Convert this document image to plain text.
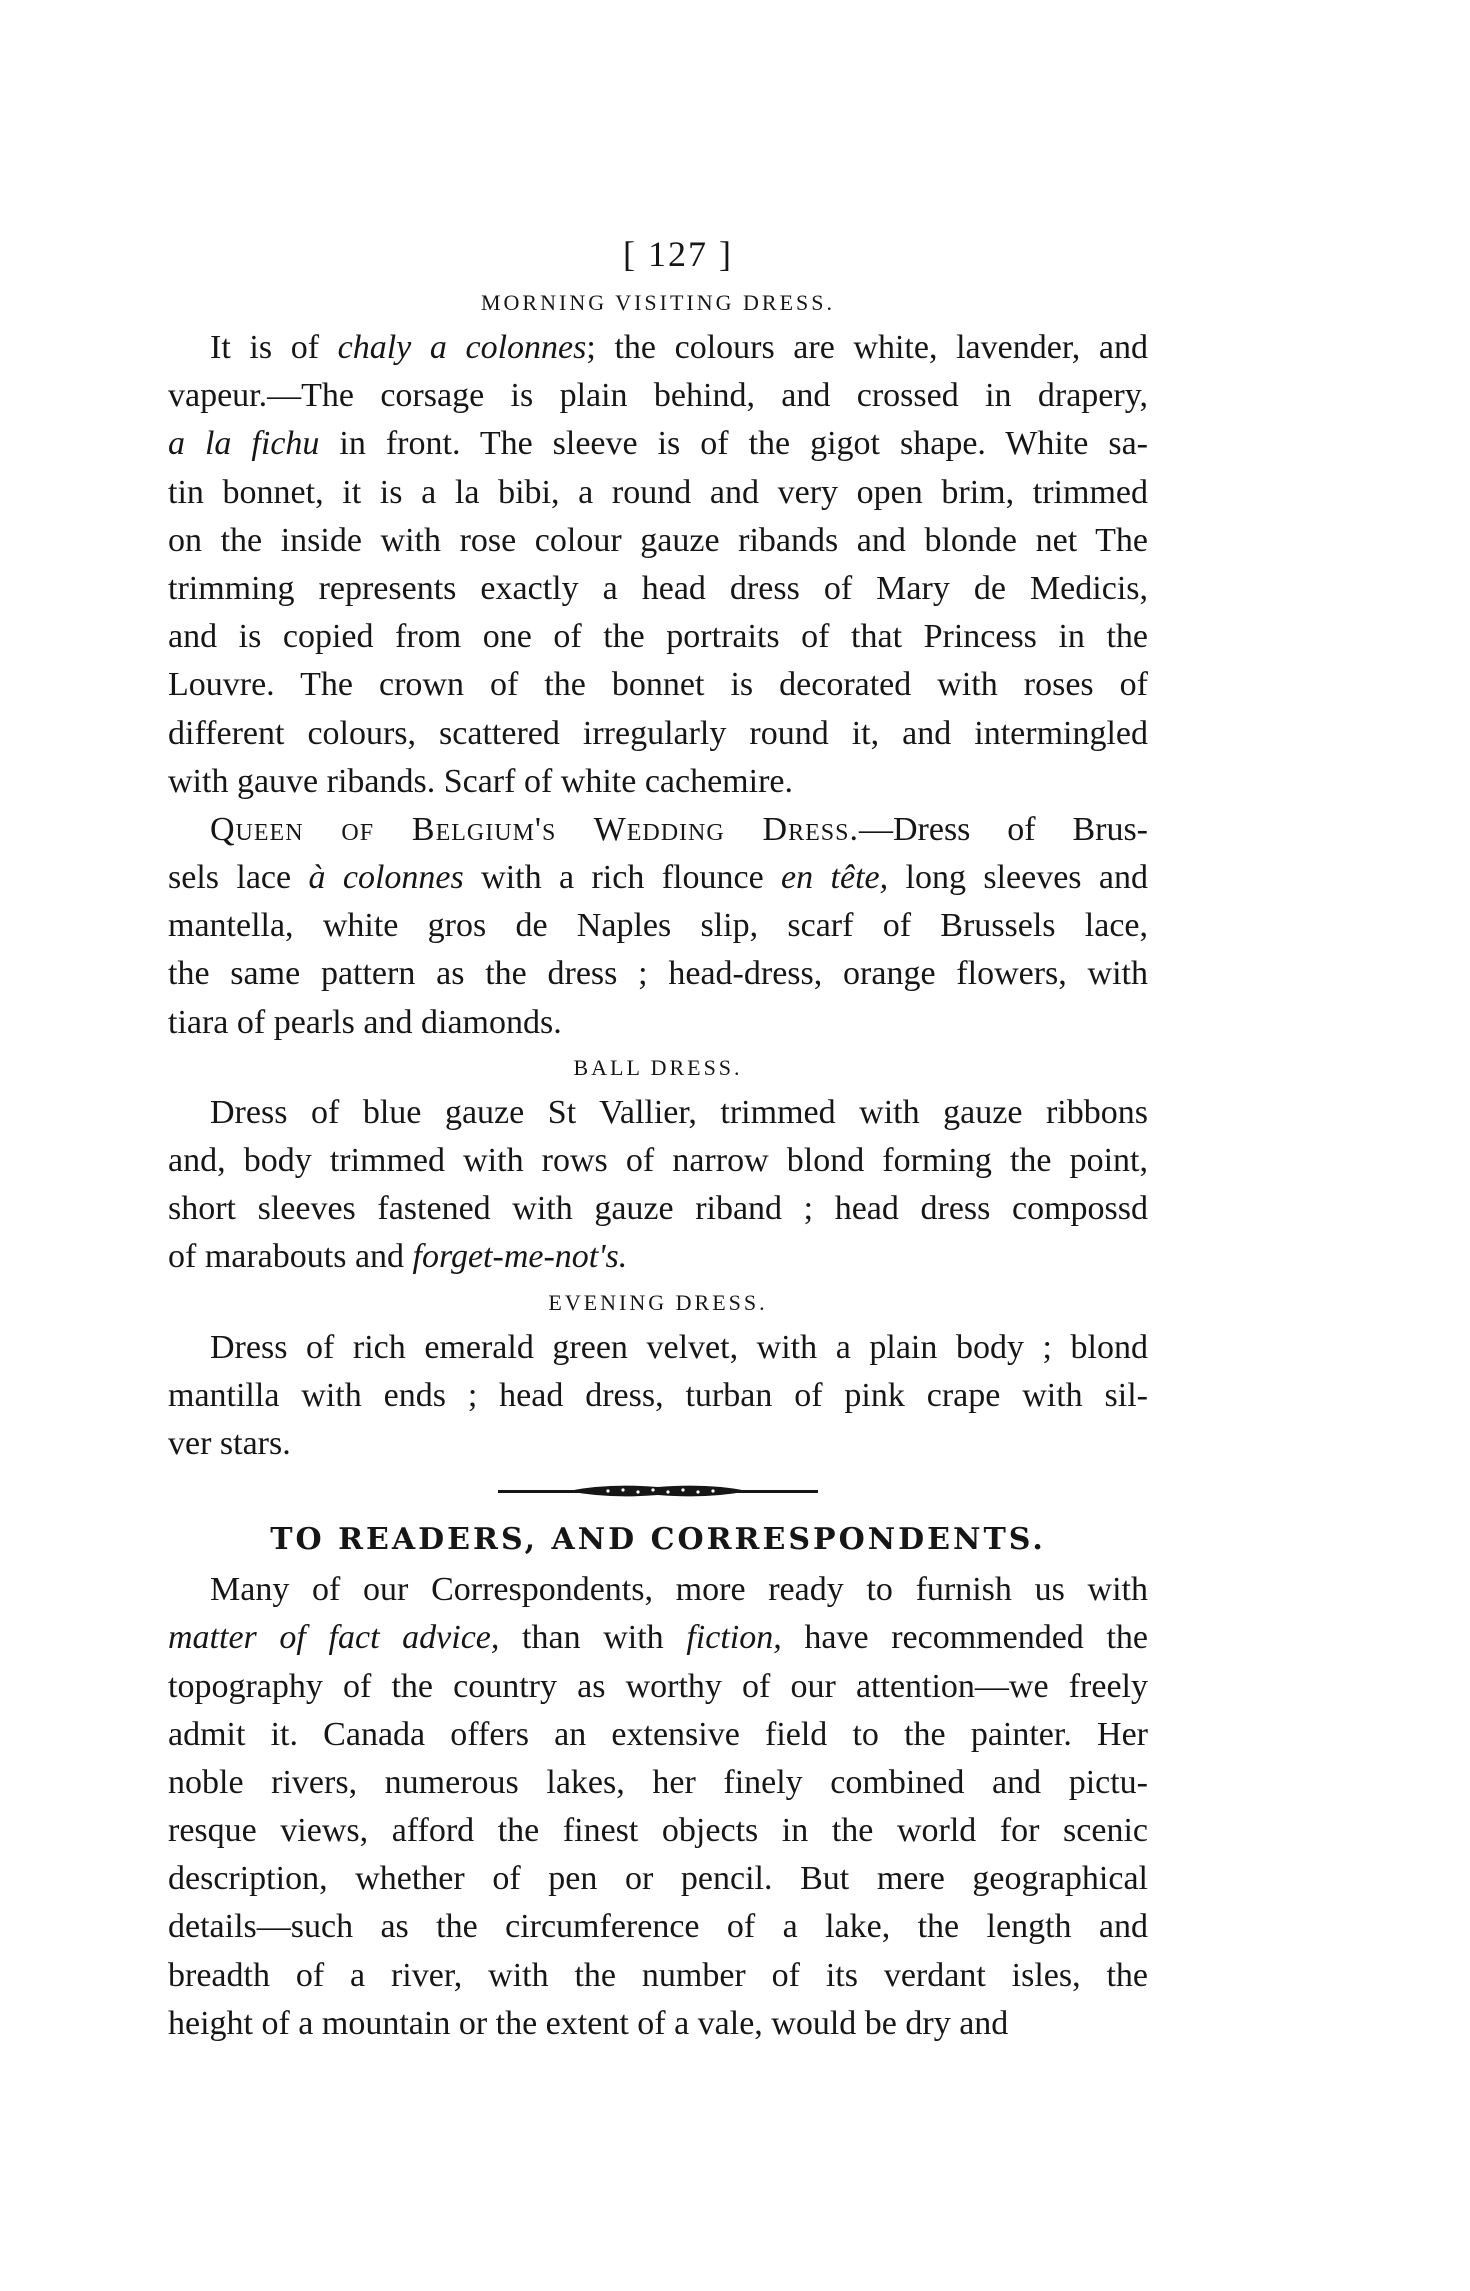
[ 127 ]
MORNING VISITING DRESS.
It is of chaly a colonnes; the colours are white, lavender, and
vapeur.—The corsage is plain behind, and crossed in drapery,
a la fichu in front. The sleeve is of the gigot shape. White sa-
tin bonnet, it is a la bibi, a round and very open brim, trimmed
on the inside with rose colour gauze ribands and blonde net The
trimming represents exactly a head dress of Mary de Medicis,
and is copied from one of the portraits of that Princess in the
Louvre. The crown of the bonnet is decorated with roses of
different colours, scattered irregularly round it, and intermingled
with gauve ribands. Scarf of white cachemire.
Queen of Belgium's Wedding Dress.—Dress of Brus-
sels lace à colonnes with a rich flounce en tête, long sleeves and
mantella, white gros de Naples slip, scarf of Brussels lace,
the same pattern as the dress ; head-dress, orange flowers, with
tiara of pearls and diamonds.
BALL DRESS.
Dress of blue gauze St Vallier, trimmed with gauze ribbons
and, body trimmed with rows of narrow blond forming the point,
short sleeves fastened with gauze riband ; head dress compossd
of marabouts and forget-me-not's.
EVENING DRESS.
Dress of rich emerald green velvet, with a plain body ; blond
mantilla with ends ; head dress, turban of pink crape with sil-
ver stars.
TO READERS, AND CORRESPONDENTS.
Many of our Correspondents, more ready to furnish us with
matter of fact advice, than with fiction, have recommended the
topography of the country as worthy of our attention—we freely
admit it. Canada offers an extensive field to the painter. Her
noble rivers, numerous lakes, her finely combined and pictu-
resque views, afford the finest objects in the world for scenic
description, whether of pen or pencil. But mere geographical
details—such as the circumference of a lake, the length and
breadth of a river, with the number of its verdant isles, the
height of a mountain or the extent of a vale, would be dry and
